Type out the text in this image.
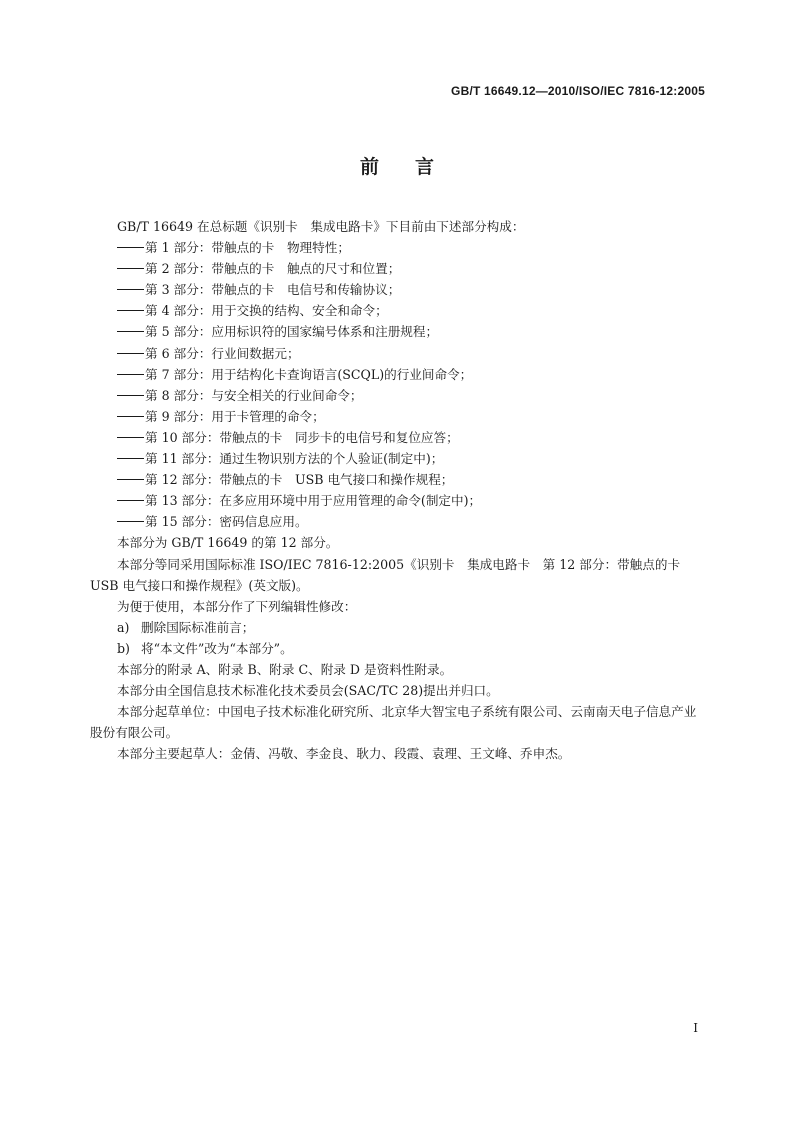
GB/T 16649.12—2010/ISO/IEC 7816-12:2005
前言

GB/T 16649 在总标题《识别卡　集成电路卡》下目前由下述部分构成：

第 1 部分：带触点的卡　物理特性；

第 2 部分：带触点的卡　触点的尺寸和位置；

第 3 部分：带触点的卡　电信号和传输协议；

第 4 部分：用于交换的结构、安全和命令；

第 5 部分：应用标识符的国家编号体系和注册规程；

第 6 部分：行业间数据元；

第 7 部分：用于结构化卡查询语言(SCQL)的行业间命令；

第 8 部分：与安全相关的行业间命令；

第 9 部分：用于卡管理的命令；

第 10 部分：带触点的卡　同步卡的电信号和复位应答；

第 11 部分：通过生物识别方法的个人验证(制定中)；

第 12 部分：带触点的卡　USB 电气接口和操作规程；

第 13 部分：在多应用环境中用于应用管理的命令(制定中)；

第 15 部分：密码信息应用。

本部分为 GB/T 16649 的第 12 部分。

本部分等同采用国际标准 ISO/IEC 7816-12:2005《识别卡　集成电路卡　第 12 部分：带触点的卡　USB 电气接口和操作规程》(英文版)。

为便于使用，本部分作了下列编辑性修改：

a) 删除国际标准前言；

b) 将“本文件”改为“本部分”。

本部分的附录 A、附录 B、附录 C、附录 D 是资料性附录。

本部分由全国信息技术标准化技术委员会(SAC/TC 28)提出并归口。

本部分起草单位：中国电子技术标准化研究所、北京华大智宝电子系统有限公司、云南南天电子信息产业股份有限公司。

本部分主要起草人：金倩、冯敬、李金良、耿力、段霞、袁理、王文峰、乔申杰。

I
